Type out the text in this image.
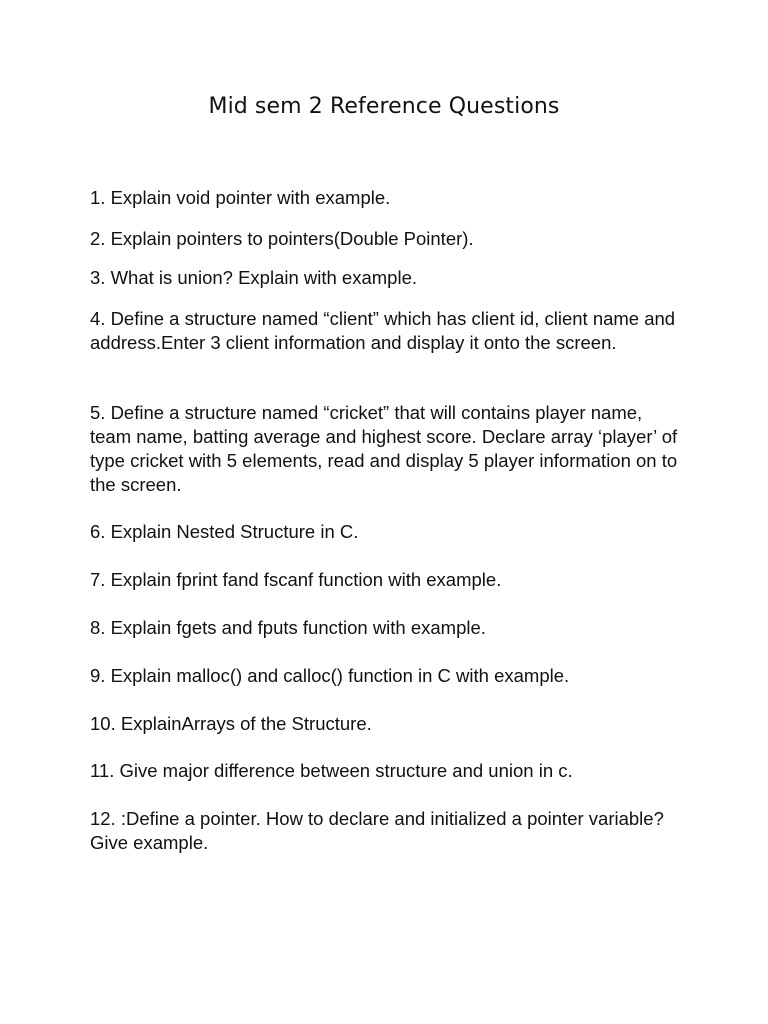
Mid sem 2 Reference Questions

1. Explain void pointer with example.

2. Explain pointers to pointers(Double Pointer).

3. What is union? Explain with example.

4. Define a structure named “client” which has client id, client name and address.Enter 3 client information and display it onto the screen.

5. Define a structure named “cricket” that will contains player name, team name, batting average and highest score. Declare array ‘player’ of type cricket with 5 elements, read and display 5 player information on to the screen.

6. Explain Nested Structure in C.

7. Explain fprint fand fscanf function with example.

8. Explain fgets and fputs function with example.

9. Explain malloc() and calloc() function in C with example.

10. ExplainArrays of the Structure.

11. Give major difference between structure and union in c.

12. :Define a pointer. How to declare and initialized a pointer variable? Give example.
